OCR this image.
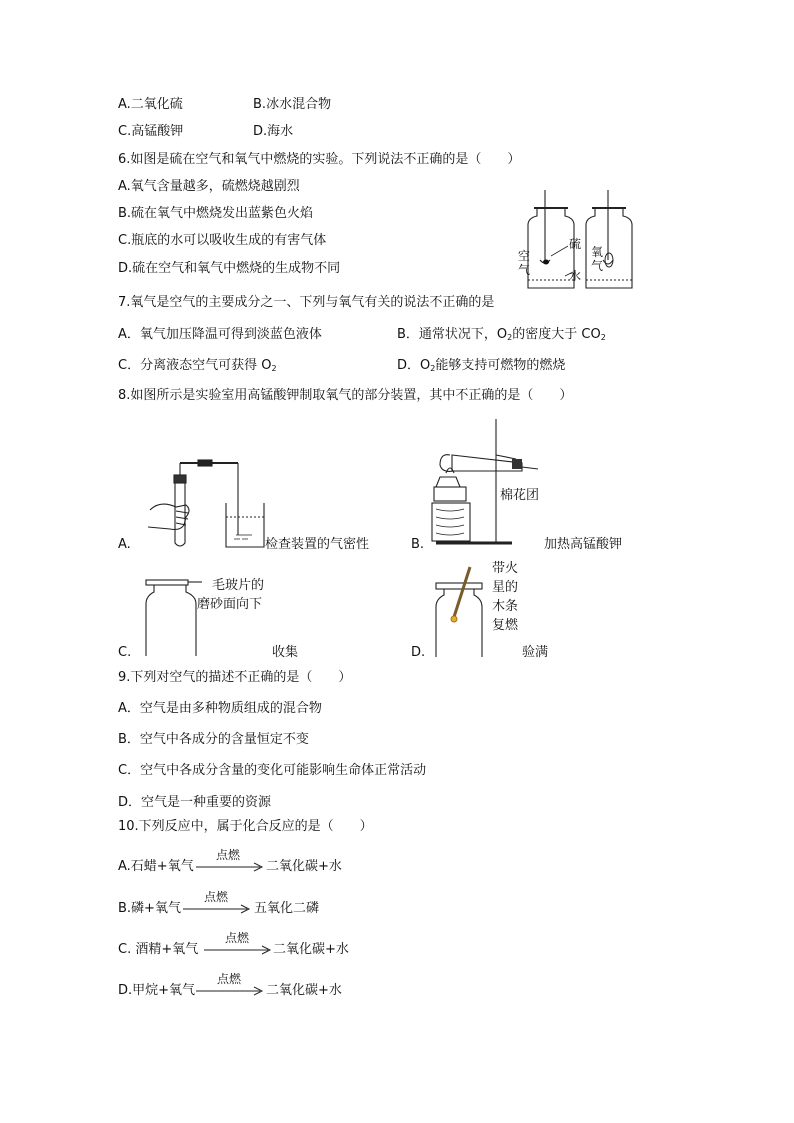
A.二氧化硫	B.冰水混合物
C.高锰酸钾	D.海水
6.如图是硫在空气和氧气中燃烧的实验。下列说法不正确的是（　　）
A.氧气含量越多，硫燃烧越剧烈
B.硫在氧气中燃烧发出蓝紫色火焰
C.瓶底的水可以吸收生成的有害气体
D.硫在空气和氧气中燃烧的生成物不同
空
气
硫
水
氧
气
7.氧气是空气的主要成分之一、下列与氧气有关的说法不正确的是
A．氧气加压降温可得到淡蓝色液体	B．通常状况下，$O_2$的密度大于 $CO_2$
C．分离液态空气可获得 $O_2$	D．$O_2$能够支持可燃物的燃烧
8.如图所示是实验室用高锰酸钾制取氧气的部分装置，其中不正确的是（　　）
A.	检查装置的气密性
棉花团
B.	加热高锰酸钾
毛玻片的
磨砂面向下
C.	收集
带火
星的
木条
复燃
D.	验满
9.下列对空气的描述不正确的是（　　）
A．空气是由多种物质组成的混合物
B．空气中各成分的含量恒定不变
C．空气中各成分含量的变化可能影响生命体正常活动
D．空气是一种重要的资源
10.下列反应中，属于化合反应的是（　　）
A.石蜡+氧气
点燃
二氧化碳+水
B.磷+氧气
点燃
五氧化二磷
C. 酒精+氧气
点燃
二氧化碳+水
D.甲烷+氧气
点燃
二氧化碳+水
